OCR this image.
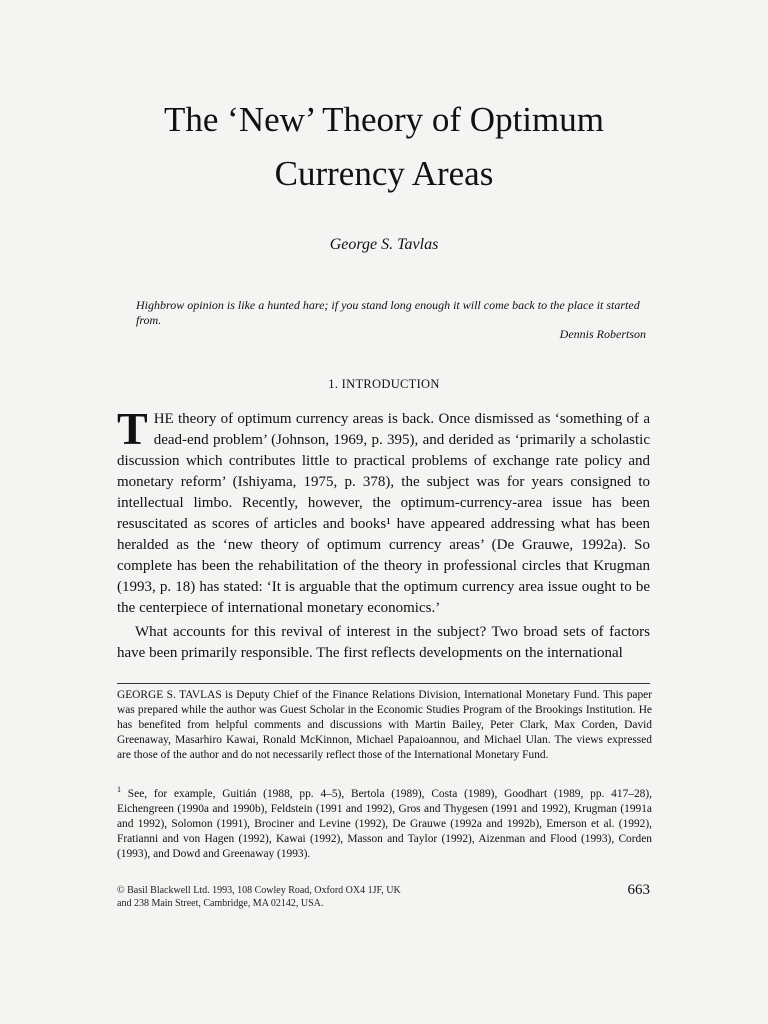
The ‘New’ Theory of Optimum
Currency Areas
George S. Tavlas
Highbrow opinion is like a hunted hare; if you stand long enough it will come back to the place it started from.
Dennis Robertson
1. INTRODUCTION
THE theory of optimum currency areas is back. Once dismissed as ‘something of a dead-end problem’ (Johnson, 1969, p. 395), and derided as ‘primarily a scholastic discussion which contributes little to practical problems of exchange rate policy and monetary reform’ (Ishiyama, 1975, p. 378), the subject was for years consigned to intellectual limbo. Recently, however, the optimum-currency-area issue has been resuscitated as scores of articles and books¹ have appeared addressing what has been heralded as the ‘new theory of optimum currency areas’ (De Grauwe, 1992a). So complete has been the rehabilitation of the theory in professional circles that Krugman (1993, p. 18) has stated: ‘It is arguable that the optimum currency area issue ought to be the centerpiece of international monetary economics.’
What accounts for this revival of interest in the subject? Two broad sets of factors have been primarily responsible. The first reflects developments on the international
GEORGE S. TAVLAS is Deputy Chief of the Finance Relations Division, International Monetary Fund. This paper was prepared while the author was Guest Scholar in the Economic Studies Program of the Brookings Institution. He has benefited from helpful comments and discussions with Martin Bailey, Peter Clark, Max Corden, David Greenaway, Masarhiro Kawai, Ronald McKinnon, Michael Papaioannou, and Michael Ulan. The views expressed are those of the author and do not necessarily reflect those of the International Monetary Fund.
$^1$ See, for example, Guitián (1988, pp. 4–5), Bertola (1989), Costa (1989), Goodhart (1989, pp. 417–28), Eichengreen (1990a and 1990b), Feldstein (1991 and 1992), Gros and Thygesen (1991 and 1992), Krugman (1991a and 1992), Solomon (1991), Brociner and Levine (1992), De Grauwe (1992a and 1992b), Emerson et al. (1992), Fratianni and von Hagen (1992), Kawai (1992), Masson and Taylor (1992), Aizenman and Flood (1993), Corden (1993), and Dowd and Greenaway (1993).
© Basil Blackwell Ltd. 1993, 108 Cowley Road, Oxford OX4 1JF, UK
and 238 Main Street, Cambridge, MA 02142, USA.
663
